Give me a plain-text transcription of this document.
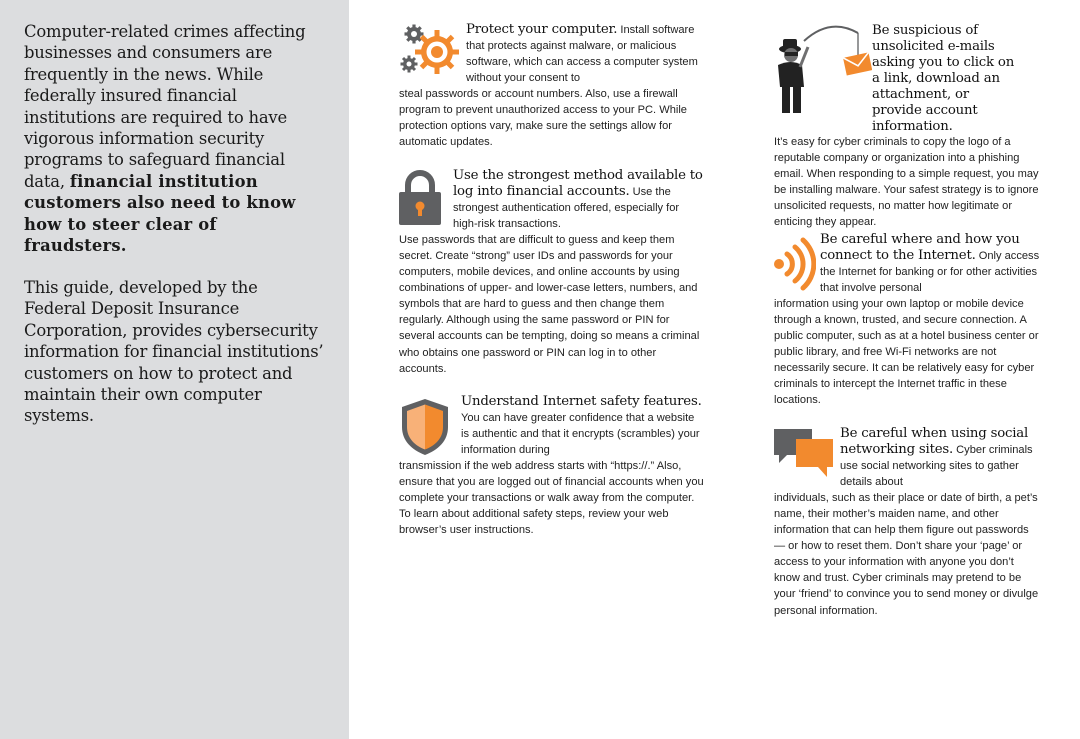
Computer-related crimes affecting businesses and consumers are frequently in the news. While federally insured financial institutions are required to have vigorous information security programs to safeguard financial data, financial institution customers also need to know how to steer clear of fraudsters.

This guide, developed by the Federal Deposit Insurance Corporation, provides cybersecurity information for financial institutions’ customers on how to protect and maintain their own computer systems.

Protect your computer. Install software that protects against malware, or malicious software, which can access a computer system without your consent to

steal passwords or account numbers. Also, use a firewall program to prevent unauthorized access to your PC. While protection options vary, make sure the settings allow for automatic updates.

Use the strongest method available to log into financial accounts. Use the strongest authentication offered, especially for high-risk transactions.

Use passwords that are difficult to guess and keep them secret. Create “strong” user IDs and passwords for your computers, mobile devices, and online accounts by using combinations of upper- and lower-case letters, numbers, and symbols that are hard to guess and then change them regularly. Although using the same password or PIN for several accounts can be tempting, doing so means a criminal who obtains one password or PIN can log in to other accounts.

Understand Internet safety features. You can have greater confidence that a website is authentic and that it encrypts (scrambles) your information during

transmission if the web address starts with “https://.” Also, ensure that you are logged out of financial accounts when you complete your transactions or walk away from the computer. To learn about additional safety steps, review your web browser’s user instructions.

Be suspicious of unsolicited e-mails asking you to click on a link, download an attachment, or provide account information.

It’s easy for cyber criminals to copy the logo of a reputable company or organization into a phishing email. When responding to a simple request, you may be installing malware. Your safest strategy is to ignore unsolicited requests, no matter how legitimate or enticing they appear.

Be careful where and how you connect to the Internet. Only access the Internet for banking or for other activities that involve personal

information using your own laptop or mobile device through a known, trusted, and secure connection. A public computer, such as at a hotel business center or public library, and free Wi-Fi networks are not necessarily secure. It can be relatively easy for cyber criminals to intercept the Internet traffic in these locations.

Be careful when using social networking sites. Cyber criminals use social networking sites to gather details about

individuals, such as their place or date of birth, a pet’s name, their mother’s maiden name, and other information that can help them figure out passwords — or how to reset them. Don’t share your ‘page’ or access to your information with anyone you don’t know and trust. Cyber criminals may pretend to be your ‘friend’ to convince you to send money or divulge personal information.
